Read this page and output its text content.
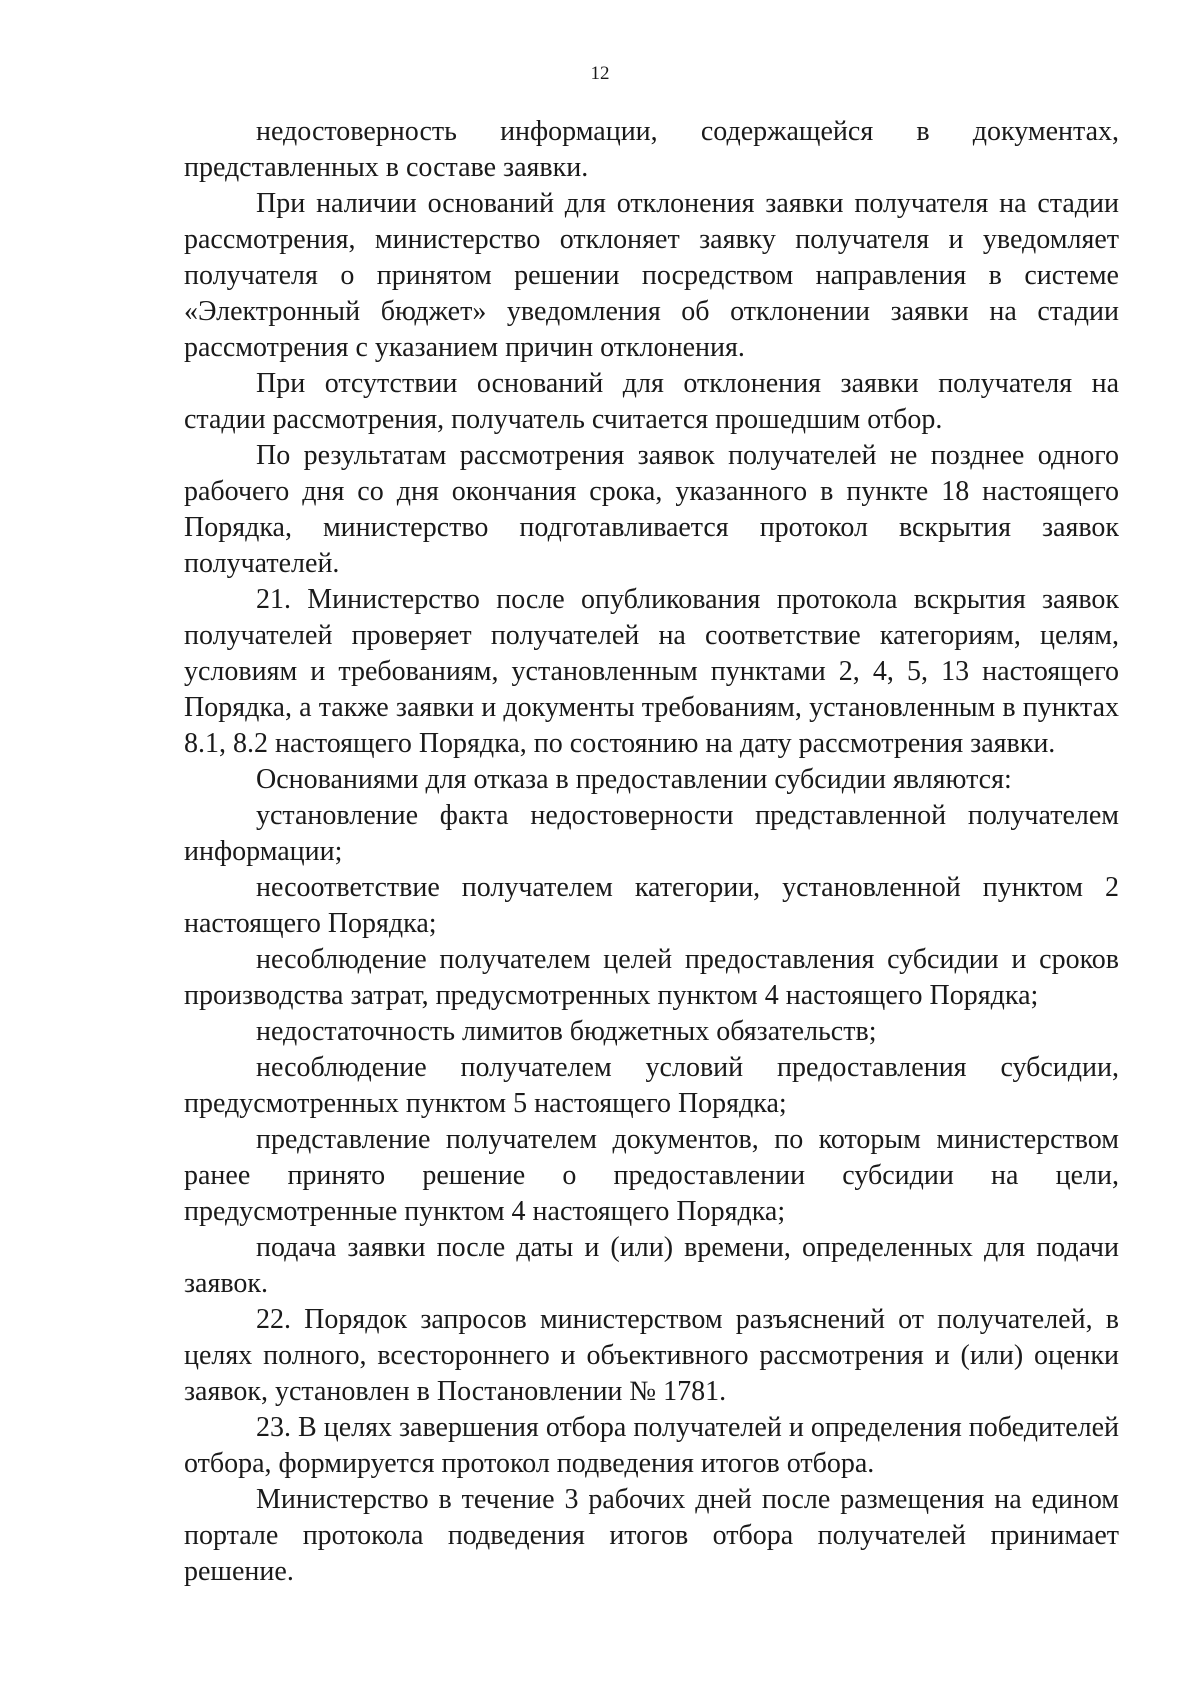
12

недостоверность информации, содержащейся в документах, представленных в составе заявки.

При наличии оснований для отклонения заявки получателя на стадии рассмотрения, министерство отклоняет заявку получателя и уведомляет получателя о принятом решении посредством направления в системе «Электронный бюджет» уведомления об отклонении заявки на стадии рассмотрения с указанием причин отклонения.

При отсутствии оснований для отклонения заявки получателя на стадии рассмотрения, получатель считается прошедшим отбор.

По результатам рассмотрения заявок получателей не позднее одного рабочего дня со дня окончания срока, указанного в пункте 18 настоящего Порядка, министерство подготавливается протокол вскрытия заявок получателей.

21. Министерство после опубликования протокола вскрытия заявок получателей проверяет получателей на соответствие категориям, целям, условиям и требованиям, установленным пунктами 2, 4, 5, 13 настоящего Порядка, а также заявки и документы требованиям, установленным в пунктах 8.1, 8.2 настоящего Порядка, по состоянию на дату рассмотрения заявки.

Основаниями для отказа в предоставлении субсидии являются:

установление факта недостоверности представленной получателем информации;

несоответствие получателем категории, установленной пунктом 2 настоящего Порядка;

несоблюдение получателем целей предоставления субсидии и сроков производства затрат, предусмотренных пунктом 4 настоящего Порядка;

недостаточность лимитов бюджетных обязательств;

несоблюдение получателем условий предоставления субсидии, предусмотренных пунктом 5 настоящего Порядка;

представление получателем документов, по которым министерством ранее принято решение о предоставлении субсидии на цели, предусмотренные пунктом 4 настоящего Порядка;

подача заявки после даты и (или) времени, определенных для подачи заявок.

22. Порядок запросов министерством разъяснений от получателей, в целях полного, всестороннего и объективного рассмотрения и (или) оценки заявок, установлен в Постановлении № 1781.

23. В целях завершения отбора получателей и определения победителей отбора, формируется протокол подведения итогов отбора.

Министерство в течение 3 рабочих дней после размещения на едином портале протокола подведения итогов отбора получателей принимает решение.
